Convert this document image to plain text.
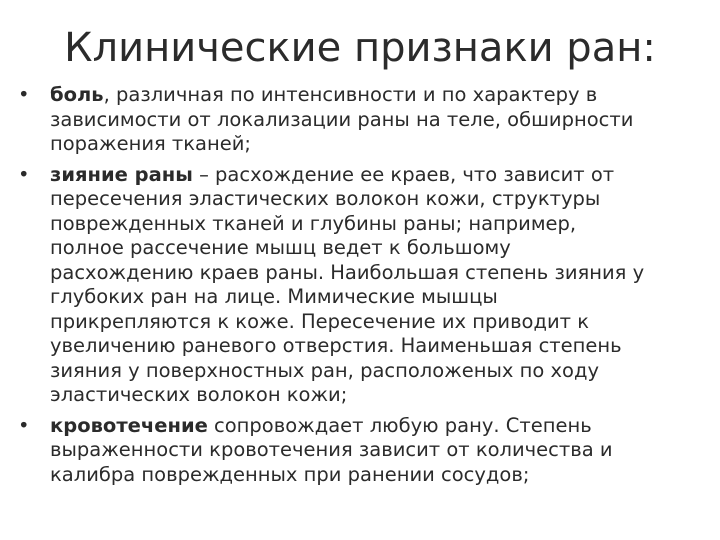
Клинические признаки ран:
•	боль, различная по интенсивности и по характеру в
зависимости от локализации раны на теле, обширности
поражения тканей;
•	зияние раны – расхождение ее краев, что зависит от
пересечения эластических волокон кожи, структуры
поврежденных тканей и глубины раны; например,
полное рассечение мышц ведет к большому
расхождению краев раны. Наибольшая степень зияния у
глубоких ран на лице. Мимические мышцы
прикрепляются к коже. Пересечение их приводит к
увеличению раневого отверстия. Наименьшая степень
зияния у поверхностных ран, расположеных по ходу
эластических волокон кожи;
•	кровотечение сопровождает любую рану. Степень
выраженности кровотечения зависит от количества и
калибра поврежденных при ранении сосудов;
